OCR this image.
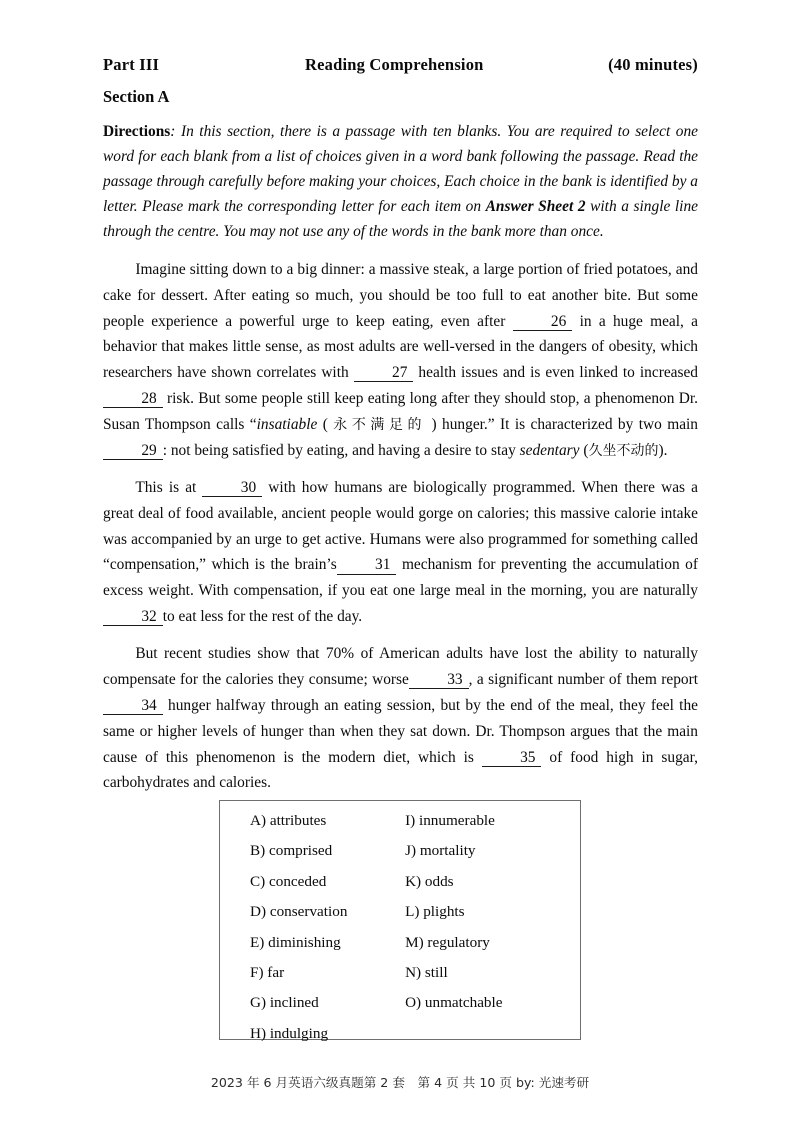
Part III	Reading Comprehension	(40 minutes)
Section A
Directions: In this section, there is a passage with ten blanks. You are required to select one word for each blank from a list of choices given in a word bank following the passage. Read the passage through carefully before making your choices, Each choice in the bank is identified by a letter. Please mark the corresponding letter for each item on Answer Sheet 2 with a single line through the centre. You may not use any of the words in the bank more than once.
Imagine sitting down to a big dinner: a massive steak, a large portion of fried potatoes, and cake for dessert. After eating so much, you should be too full to eat another bite. But some people experience a powerful urge to keep eating, even after 26 in a huge meal, a behavior that makes little sense, as most adults are well-versed in the dangers of obesity, which researchers have shown correlates with 27 health issues and is even linked to increased 28 risk. But some people still keep eating long after they should stop, a phenomenon Dr. Susan Thompson calls “insatiable ( 永不满足的 ) hunger.” It is characterized by two main 29 : not being satisfied by eating, and having a desire to stay sedentary (久坐不动的).
This is at 30 with how humans are biologically programmed. When there was a great deal of food available, ancient people would gorge on calories; this massive calorie intake was accompanied by an urge to get active. Humans were also programmed for something called “compensation,” which is the brain’s 31 mechanism for preventing the accumulation of excess weight. With compensation, if you eat one large meal in the morning, you are naturally 32 to eat less for the rest of the day.
But recent studies show that 70% of American adults have lost the ability to naturally compensate for the calories they consume; worse 33 , a significant number of them report 34 hunger halfway through an eating session, but by the end of the meal, they feel the same or higher levels of hunger than when they sat down. Dr. Thompson argues that the main cause of this phenomenon is the modern diet, which is 35 of food high in sugar, carbohydrates and calories.
A) attributes
B) comprised
C) conceded
D) conservation
E) diminishing
F) far
G) inclined
H) indulging
I) innumerable
J) mortality
K) odds
L) plights
M) regulatory
N) still
O) unmatchable
2023 年 6 月英语六级真题第 2 套　第 4 页 共 10 页 by: 光速考研
